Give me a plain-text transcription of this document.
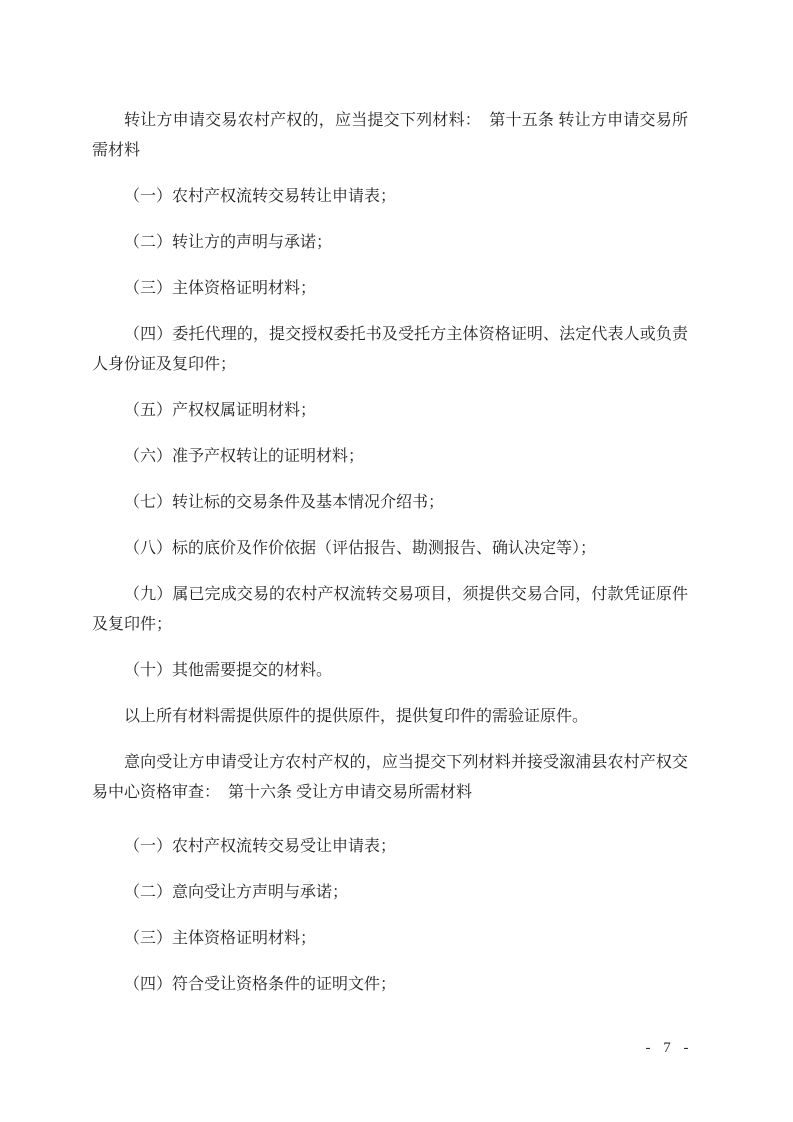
转让方申请交易农村产权的，应当提交下列材料：　第十五条 转让方申请交易所需材料

（一）农村产权流转交易转让申请表；

（二）转让方的声明与承诺；

（三）主体资格证明材料；

（四）委托代理的，提交授权委托书及受托方主体资格证明、法定代表人或负责人身份证及复印件；

（五）产权权属证明材料；

（六）准予产权转让的证明材料；

（七）转让标的交易条件及基本情况介绍书；

（八）标的底价及作价依据（评估报告、勘测报告、确认决定等）；

（九）属已完成交易的农村产权流转交易项目，须提供交易合同，付款凭证原件及复印件；

（十）其他需要提交的材料。

以上所有材料需提供原件的提供原件，提供复印件的需验证原件。

意向受让方申请受让方农村产权的，应当提交下列材料并接受溆浦县农村产权交易中心资格审查：　第十六条 受让方申请交易所需材料

（一）农村产权流转交易受让申请表；

（二）意向受让方声明与承诺；

（三）主体资格证明材料；

（四）符合受让资格条件的证明文件；

- 7 -
